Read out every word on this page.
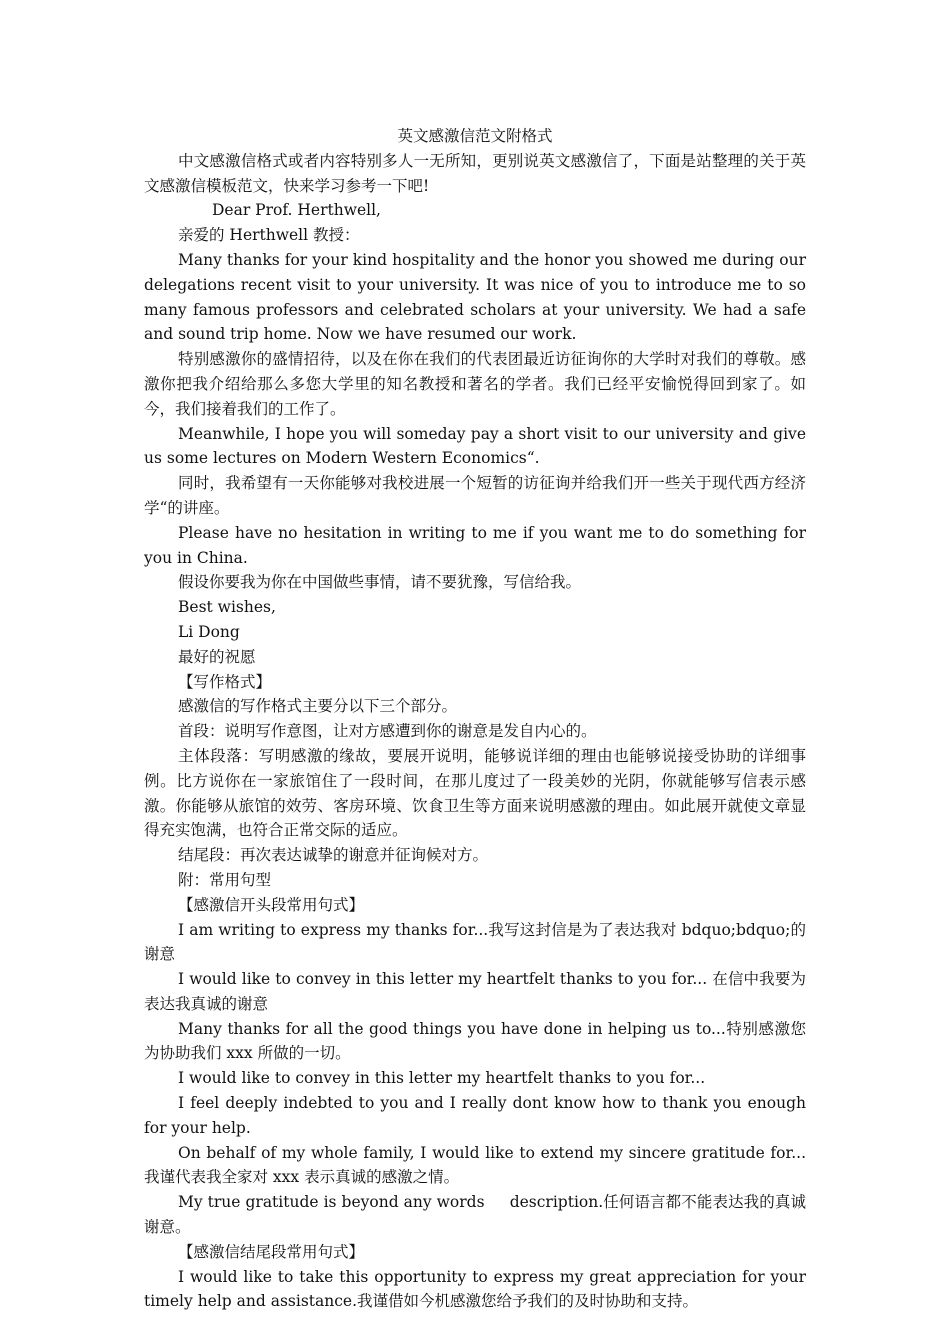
英文感激信范文附格式

中文感激信格式或者内容特别多人一无所知，更别说英文感激信了，下面是站整理的关于英文感激信模板范文，快来学习参考一下吧!

Dear Prof. Herthwell,

亲爱的 Herthwell 教授：

Many thanks for your kind hospitality and the honor you showed me during our delegations recent visit to your university. It was nice of you to introduce me to so many famous professors and celebrated scholars at your university. We had a safe and sound trip home. Now we have resumed our work.

特别感激你的盛情招待，以及在你在我们的代表团最近访征询你的大学时对我们的尊敬。感激你把我介绍给那么多您大学里的知名教授和著名的学者。我们已经平安愉悦得回到家了。如今，我们接着我们的工作了。

Meanwhile, I hope you will someday pay a short visit to our university and give us some lectures on Modern Western Economics“.

同时，我希望有一天你能够对我校进展一个短暂的访征询并给我们开一些关于现代西方经济学“的讲座。

Please have no hesitation in writing to me if you want me to do something for you in China.

假设你要我为你在中国做些事情，请不要犹豫，写信给我。

Best wishes,

Li Dong

最好的祝愿

【写作格式】

感激信的写作格式主要分以下三个部分。

首段：说明写作意图，让对方感遭到你的谢意是发自内心的。

主体段落：写明感激的缘故，要展开说明，能够说详细的理由也能够说接受协助的详细事例。比方说你在一家旅馆住了一段时间，在那儿度过了一段美妙的光阴，你就能够写信表示感激。你能够从旅馆的效劳、客房环境、饮食卫生等方面来说明感激的理由。如此展开就使文章显得充实饱满，也符合正常交际的适应。

结尾段：再次表达诚挚的谢意并征询候对方。

附：常用句型

【感激信开头段常用句式】

I am writing to express my thanks for...我写这封信是为了表达我对 bdquo;bdquo;的谢意

I would like to convey in this letter my heartfelt thanks to you for... 在信中我要为表达我真诚的谢意

Many thanks for all the good things you have done in helping us to...特别感激您为协助我们 xxx 所做的一切。

I would like to convey in this letter my heartfelt thanks to you for...

I feel deeply indebted to you and I really dont know how to thank you enough for your help.

On behalf of my whole family, I would like to extend my sincere gratitude for... 我谨代表我全家对 xxx 表示真诚的感激之情。

My true gratitude is beyond any words     description.任何语言都不能表达我的真诚谢意。

【感激信结尾段常用句式】

I would like to take this opportunity to express my great appreciation for your timely help and assistance.我谨借如今机感激您给予我们的及时协助和支持。
